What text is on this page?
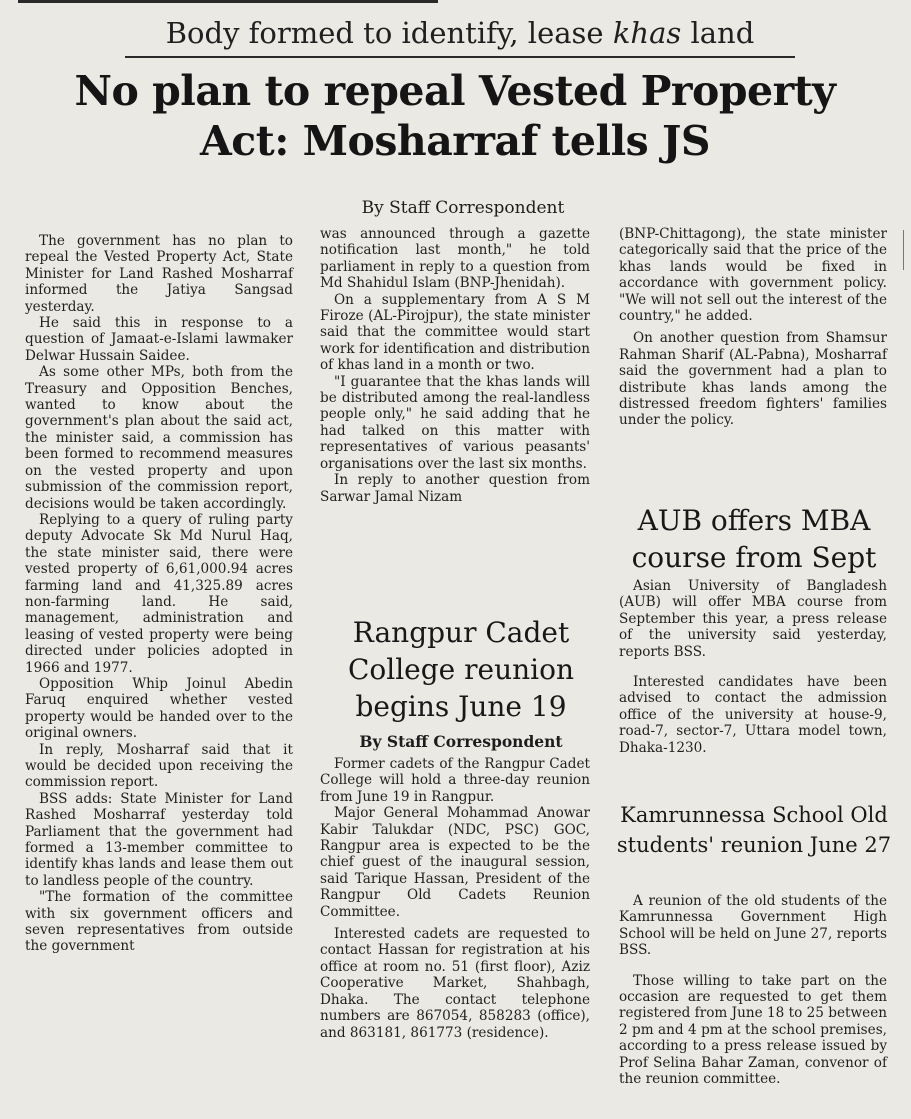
Body formed to identify, lease khas land
No plan to repeal Vested Property
Act: Mosharraf tells JS
By Staff Correspondent

The government has no plan to repeal the Vested Property Act, State Minister for Land Rashed Mosharraf informed the Jatiya Sangsad yesterday.

He said this in response to a question of Jamaat-e-Islami lawmaker Delwar Hussain Saidee.

As some other MPs, both from the Treasury and Opposition Benches, wanted to know about the government's plan about the said act, the minister said, a commission has been formed to recommend measures on the vested property and upon submission of the commission report, decisions would be taken accordingly.

Replying to a query of ruling party deputy Advocate Sk Md Nurul Haq, the state minister said, there were vested property of 6,61,000.94 acres farming land and 41,325.89 acres non-farming land. He said, management, administration and leasing of vested property were being directed under policies adopted in 1966 and 1977.

Opposition Whip Joinul Abedin Faruq enquired whether vested property would be handed over to the original owners.

In reply, Mosharraf said that it would be decided upon receiving the commission report.

BSS adds: State Minister for Land Rashed Mosharraf yesterday told Parliament that the government had formed a 13-member committee to identify khas lands and lease them out to landless people of the country.

"The formation of the committee with six government officers and seven representatives from outside the government

was announced through a gazette notification last month," he told parliament in reply to a question from Md Shahidul Islam (BNP-Jhenidah).

On a supplementary from A S M Firoze (AL-Pirojpur), the state minister said that the committee would start work for identification and distribution of khas land in a month or two.

"I guarantee that the khas lands will be distributed among the real-landless people only," he said adding that he had talked on this matter with representatives of various peasants' organisations over the last six months.

In reply to another question from Sarwar Jamal Nizam

(BNP-Chittagong), the state minister categorically said that the price of the khas lands would be fixed in accordance with government policy. "We will not sell out the interest of the country," he added.

On another question from Shamsur Rahman Sharif (AL-Pabna), Mosharraf said the government had a plan to distribute khas lands among the distressed freedom fighters' families under the policy.

Rangpur Cadet College reunion begins June 19
By Staff Correspondent

Former cadets of the Rangpur Cadet College will hold a three-day reunion from June 19 in Rangpur.

Major General Mohammad Anowar Kabir Talukdar (NDC, PSC) GOC, Rangpur area is expected to be the chief guest of the inaugural session, said Tarique Hassan, President of the Rangpur Old Cadets Reunion Committee.

Interested cadets are requested to contact Hassan for registration at his office at room no. 51 (first floor), Aziz Cooperative Market, Shahbagh, Dhaka. The contact telephone numbers are 867054, 858283 (office), and 863181, 861773 (residence).

AUB offers MBA course from Sept

Asian University of Bangladesh (AUB) will offer MBA course from September this year, a press release of the university said yesterday, reports BSS.

Interested candidates have been advised to contact the admission office of the university at house-9, road-7, sector-7, Uttara model town, Dhaka-1230.

Kamrunnessa School Old students' reunion June 27

A reunion of the old students of the Kamrunnessa Government High School will be held on June 27, reports BSS.

Those willing to take part on the occasion are requested to get them registered from June 18 to 25 between 2 pm and 4 pm at the school premises, according to a press release issued by Prof Selina Bahar Zaman, convenor of the reunion committee.
